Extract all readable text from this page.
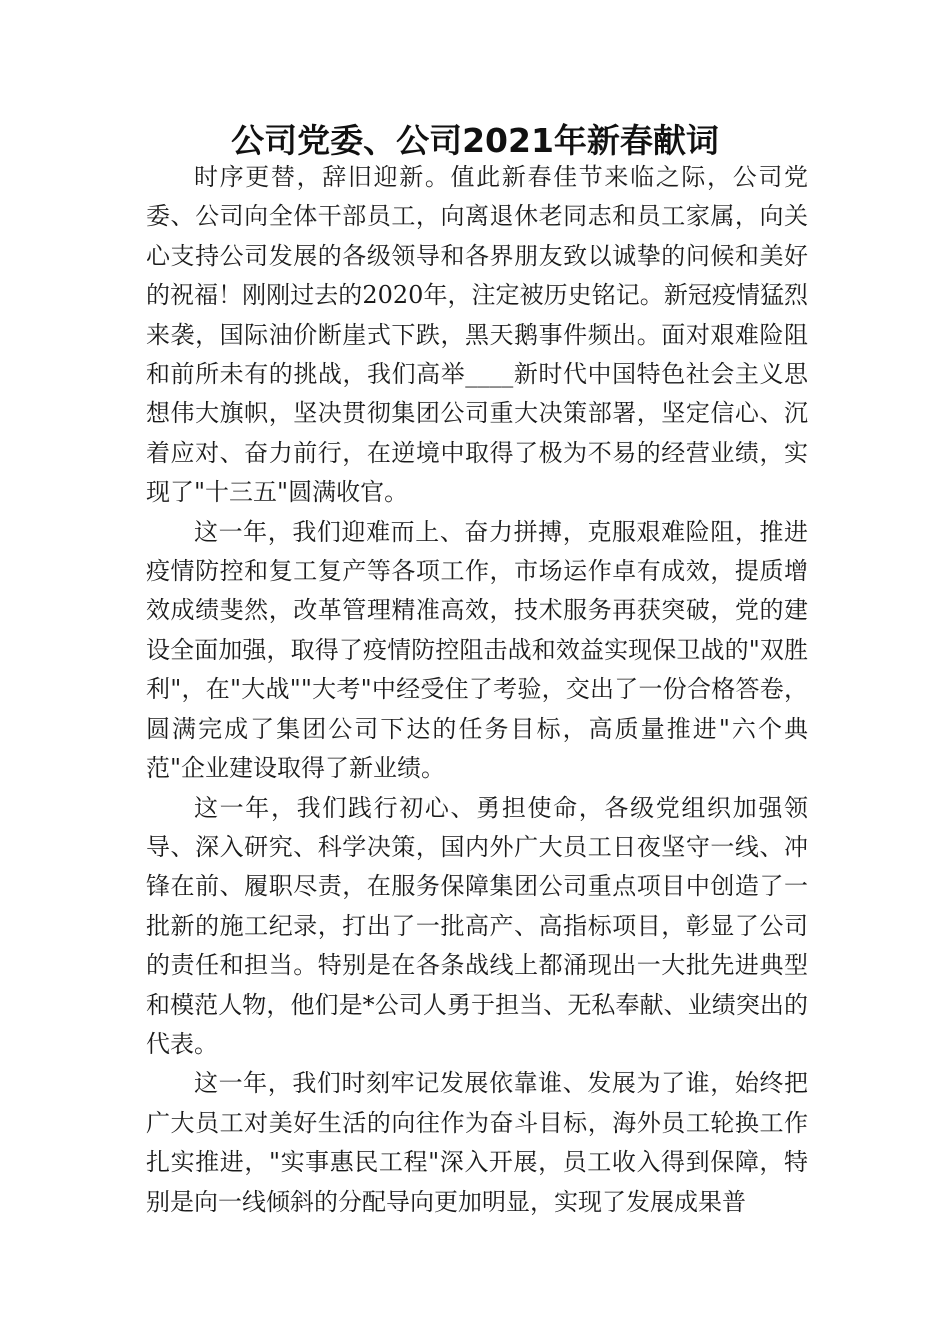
公司党委、公司2021年新春献词

时序更替，辞旧迎新。值此新春佳节来临之际，公司党委、公司向全体干部员工，向离退休老同志和员工家属，向关心支持公司发展的各级领导和各界朋友致以诚挚的问候和美好的祝福！刚刚过去的2020年，注定被历史铭记。新冠疫情猛烈来袭，国际油价断崖式下跌，黑天鹅事件频出。面对艰难险阻和前所未有的挑战，我们高举____新时代中国特色社会主义思想伟大旗帜，坚决贯彻集团公司重大决策部署，坚定信心、沉着应对、奋力前行，在逆境中取得了极为不易的经营业绩，实现了"十三五"圆满收官。

这一年，我们迎难而上、奋力拼搏，克服艰难险阻，推进疫情防控和复工复产等各项工作，市场运作卓有成效，提质增效成绩斐然，改革管理精准高效，技术服务再获突破，党的建设全面加强，取得了疫情防控阻击战和效益实现保卫战的"双胜利"，在"大战""大考"中经受住了考验，交出了一份合格答卷，圆满完成了集团公司下达的任务目标，高质量推进"六个典范"企业建设取得了新业绩。

这一年，我们践行初心、勇担使命，各级党组织加强领导、深入研究、科学决策，国内外广大员工日夜坚守一线、冲锋在前、履职尽责，在服务保障集团公司重点项目中创造了一批新的施工纪录，打出了一批高产、高指标项目，彰显了公司的责任和担当。特别是在各条战线上都涌现出一大批先进典型和模范人物，他们是*公司人勇于担当、无私奉献、业绩突出的代表。

这一年，我们时刻牢记发展依靠谁、发展为了谁，始终把广大员工对美好生活的向往作为奋斗目标，海外员工轮换工作扎实推进，"实事惠民工程"深入开展，员工收入得到保障，特别是向一线倾斜的分配导向更加明显，实现了发展成果普
